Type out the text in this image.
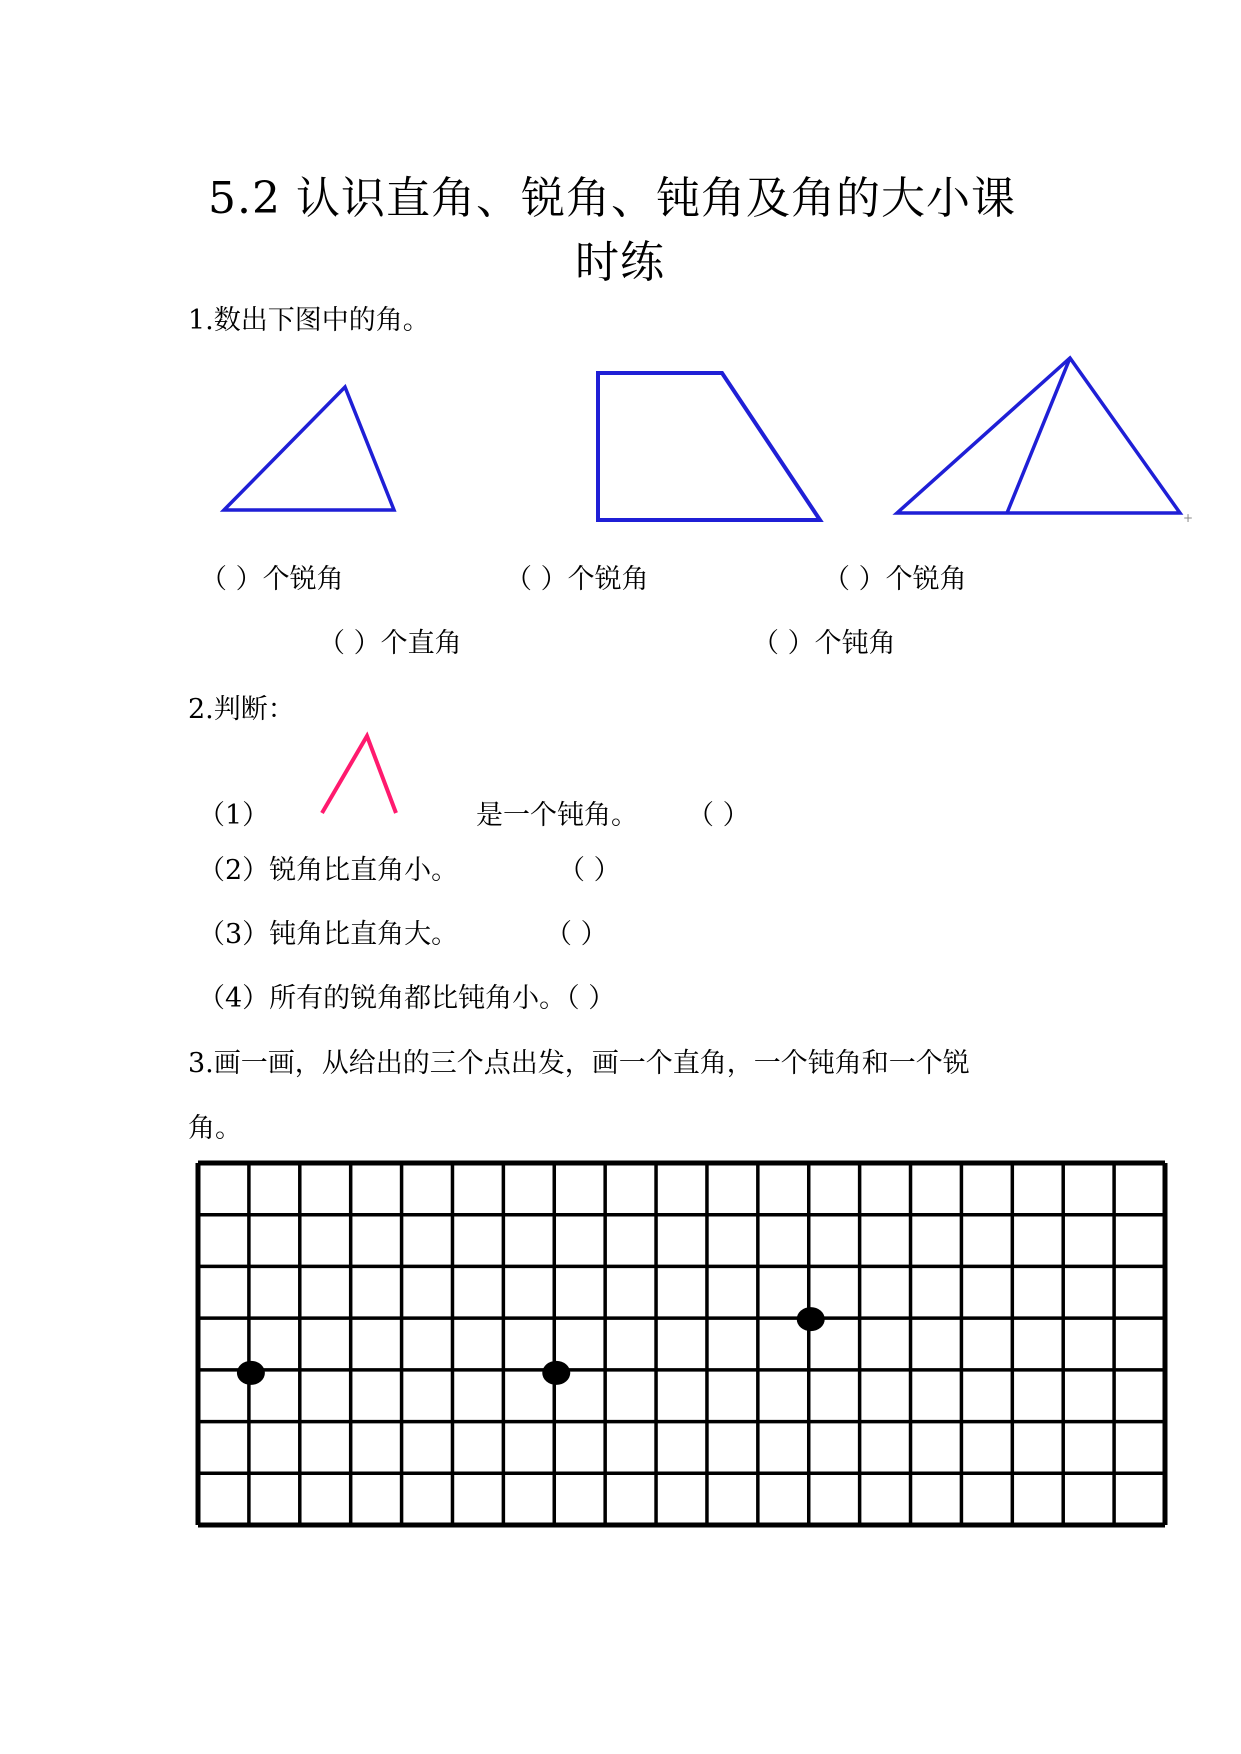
5.2 认识直角、锐角、钝角及角的大小课
时练
1.数出下图中的角。
+
（ ）个锐角	（ ）个锐角	（ ）个锐角
（ ）个直角	（ ）个钝角
2.判断：
（1）	是一个钝角。 （ ）
（2）锐角比直角小。	（ ）
（3）钝角比直角大。	（ ）
（4）所有的锐角都比钝角小。（ ）
3.画一画，从给出的三个点出发，画一个直角，一个钝角和一个锐
角。
